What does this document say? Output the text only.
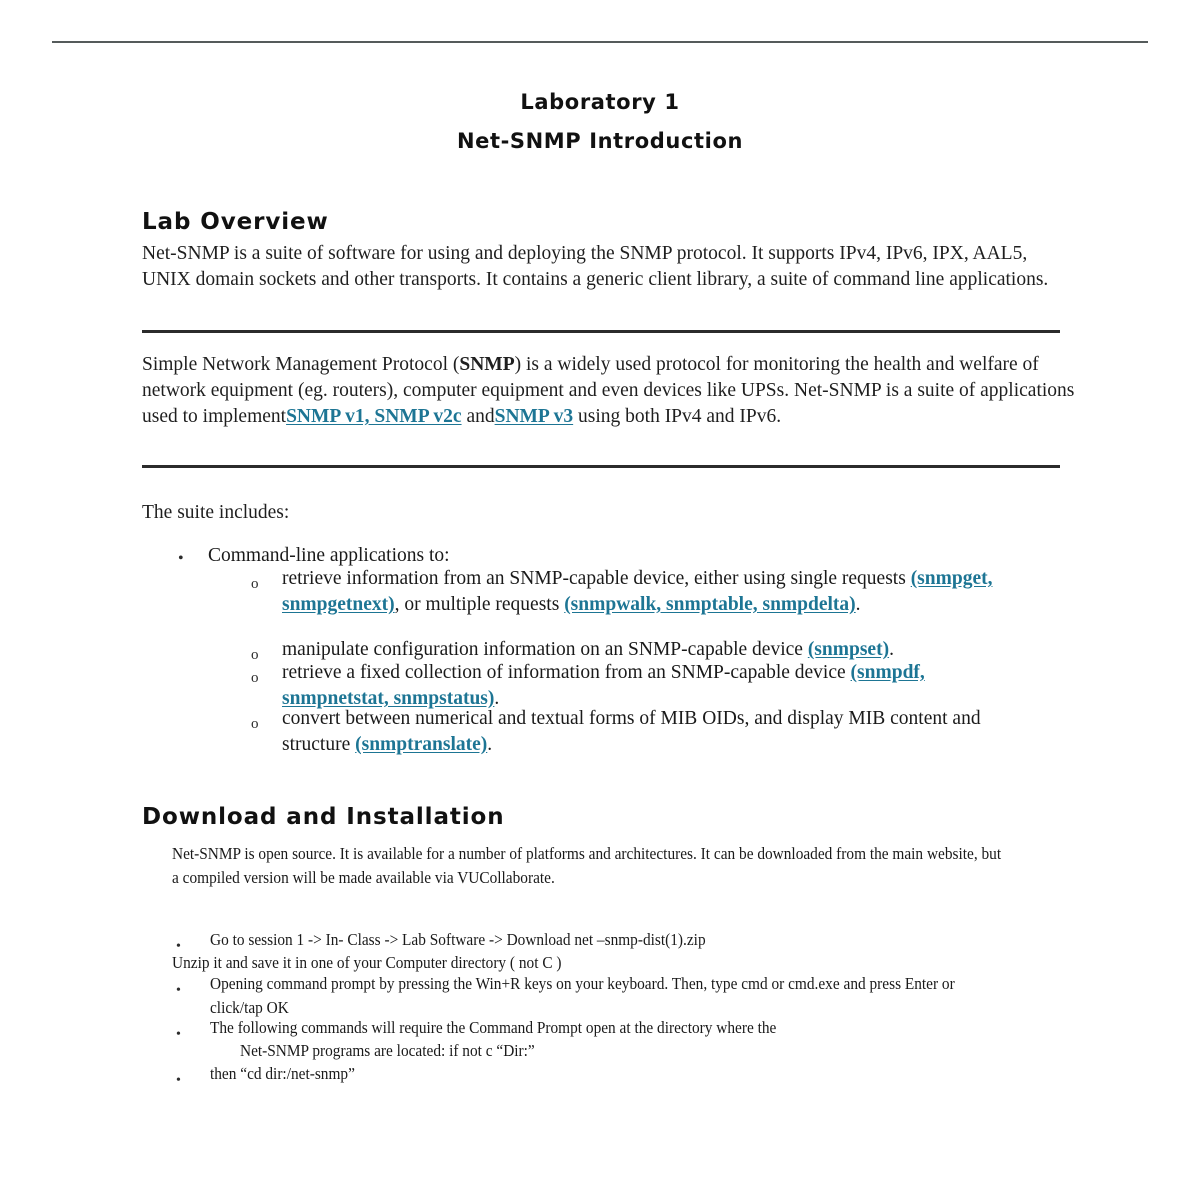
Laboratory 1
Net-SNMP Introduction
Lab Overview
Net-SNMP is a suite of software for using and deploying the SNMP protocol. It supports IPv4, IPv6, IPX, AAL5, UNIX domain sockets and other transports. It contains a generic client library, a suite of command line applications.
Simple Network Management Protocol (SNMP) is a widely used protocol for monitoring the health and welfare of network equipment (eg. routers), computer equipment and even devices like UPSs. Net-SNMP is a suite of applications used to implementSNMP v1, SNMP v2c andSNMP v3 using both IPv4 and IPv6.
The suite includes:
• Command-line applications to:
o retrieve information from an SNMP-capable device, either using single requests (snmpget, snmpgetnext), or multiple requests (snmpwalk, snmptable, snmpdelta).
o manipulate configuration information on an SNMP-capable device (snmpset).
o retrieve a fixed collection of information from an SNMP-capable device (snmpdf, snmpnetstat, snmpstatus).
o convert between numerical and textual forms of MIB OIDs, and display MIB content and structure (snmptranslate).
Download and Installation
Net-SNMP is open source. It is available for a number of platforms and architectures. It can be downloaded from the main website, but a compiled version will be made available via VUCollaborate.
• Go to session 1 -> In- Class -> Lab Software -> Download net –snmp-dist(1).zip
Unzip it and save it in one of your Computer directory ( not C )
• Opening command prompt by pressing the Win+R keys on your keyboard. Then, type cmd or cmd.exe and press Enter or click/tap OK
• The following commands will require the Command Prompt open at the directory where the
Net-SNMP programs are located: if not c “Dir:”
• then “cd dir:/net-snmp”
